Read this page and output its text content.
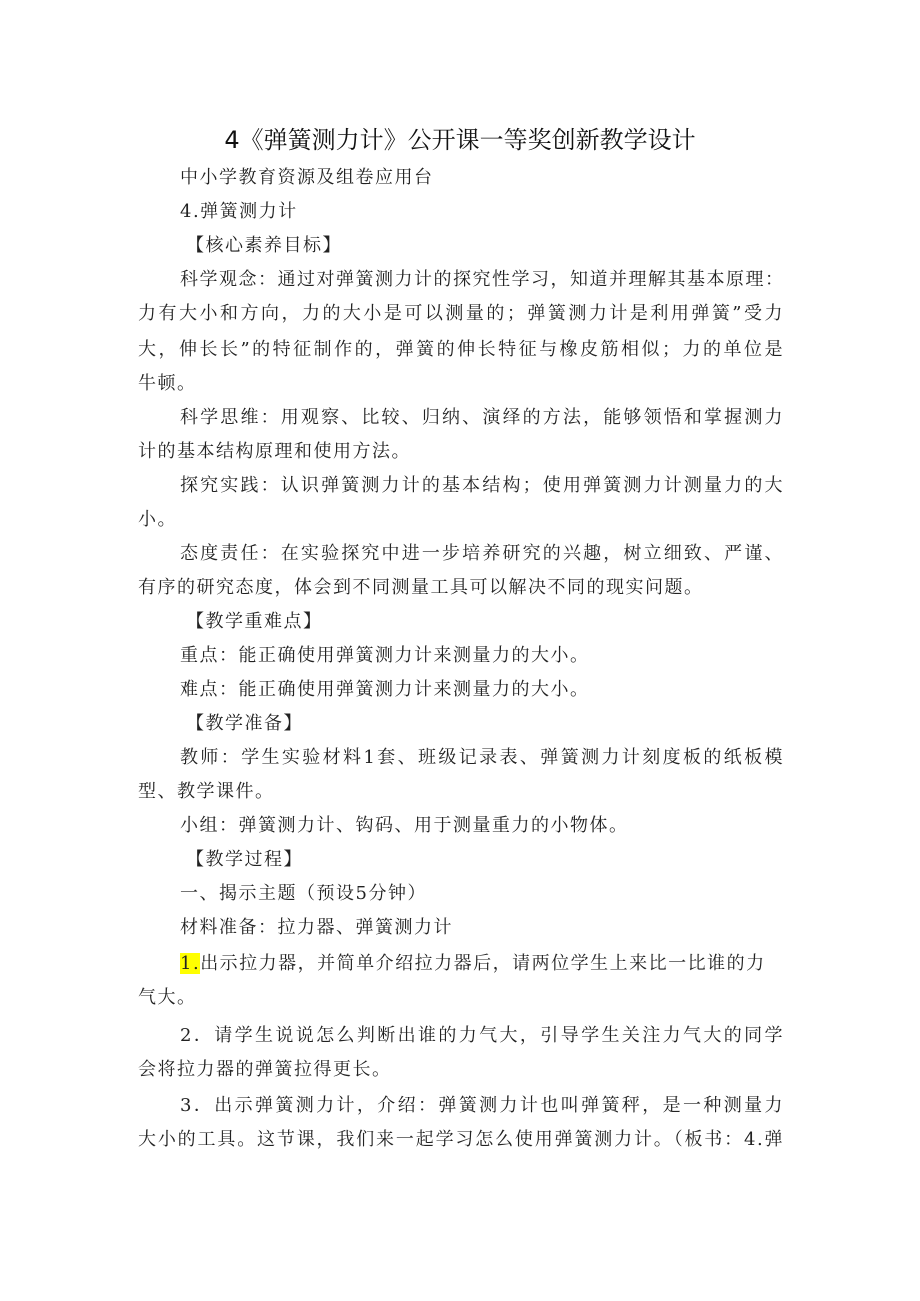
4《弹簧测力计》公开课一等奖创新教学设计
中小学教育资源及组卷应用台
4.弹簧测力计
【核心素养目标】
科学观念：通过对弹簧测力计的探究性学习，知道并理解其基本原理：
力有大小和方向，力的大小是可以测量的；弹簧测力计是利用弹簧”受力
大，伸长长”的特征制作的，弹簧的伸长特征与橡皮筋相似；力的单位是
牛顿。
科学思维：用观察、比较、归纳、演绎的方法，能够领悟和掌握测力
计的基本结构原理和使用方法。
探究实践：认识弹簧测力计的基本结构；使用弹簧测力计测量力的大
小。
态度责任：在实验探究中进一步培养研究的兴趣，树立细致、严谨、
有序的研究态度，体会到不同测量工具可以解决不同的现实问题。
【教学重难点】
重点：能正确使用弹簧测力计来测量力的大小。
难点：能正确使用弹簧测力计来测量力的大小。
【教学准备】
教师：学生实验材料1套、班级记录表、弹簧测力计刻度板的纸板模
型、教学课件。
小组：弹簧测力计、钩码、用于测量重力的小物体。
【教学过程】
一、揭示主题（预设5分钟）
材料准备：拉力器、弹簧测力计
1.出示拉力器，并简单介绍拉力器后，请两位学生上来比一比谁的力
气大。
2．请学生说说怎么判断出谁的力气大，引导学生关注力气大的同学
会将拉力器的弹簧拉得更长。
3．出示弹簧测力计，介绍：弹簧测力计也叫弹簧秤，是一种测量力
大小的工具。这节课，我们来一起学习怎么使用弹簧测力计。（板书：4.弹
